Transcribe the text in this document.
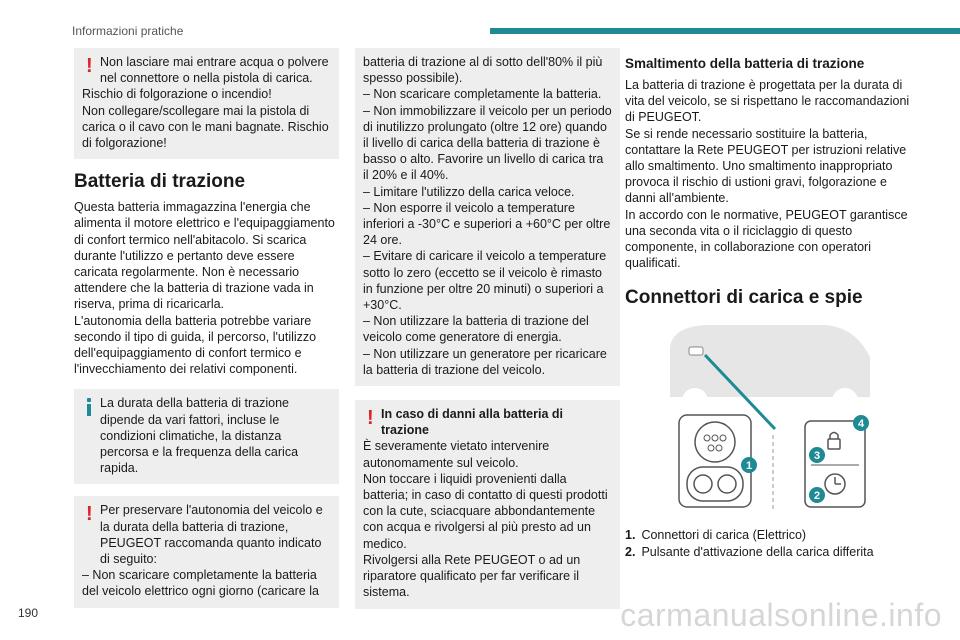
Informazioni pratiche
! Non lasciare mai entrare acqua o polvere nel connettore o nella pistola di carica.

Rischio di folgorazione o incendio!

Non collegare/scollegare mai la pistola di carica o il cavo con le mani bagnate. Rischio di folgorazione!

Batteria di trazione

Questa batteria immagazzina l'energia che alimenta il motore elettrico e l'equipaggiamento di confort termico nell'abitacolo. Si scarica durante l'utilizzo e pertanto deve essere caricata regolarmente. Non è necessario attendere che la batteria di trazione vada in riserva, prima di ricaricarla.

L'autonomia della batteria potrebbe variare secondo il tipo di guida, il percorso, l'utilizzo dell'equipaggiamento di confort termico e l'invecchiamento dei relativi componenti.

La durata della batteria di trazione dipende da vari fattori, incluse le condizioni climatiche, la distanza percorsa e la frequenza della carica rapida.

! Per preservare l'autonomia del veicolo e la durata della batteria di trazione, PEUGEOT raccomanda quanto indicato di seguito:

– Non scaricare completamente la batteria del veicolo elettrico ogni giorno (caricare la

batteria di trazione al di sotto dell'80% il più spesso possibile).

– Non scaricare completamente la batteria.

– Non immobilizzare il veicolo per un periodo di inutilizzo prolungato (oltre 12 ore) quando il livello di carica della batteria di trazione è basso o alto. Favorire un livello di carica tra il 20% e il 40%.

– Limitare l'utilizzo della carica veloce.

– Non esporre il veicolo a temperature inferiori a -30°C e superiori a +60°C per oltre 24 ore.

– Evitare di caricare il veicolo a temperature sotto lo zero (eccetto se il veicolo è rimasto in funzione per oltre 20 minuti) o superiori a +30°C.

– Non utilizzare la batteria di trazione del veicolo come generatore di energia.

– Non utilizzare un generatore per ricaricare la batteria di trazione del veicolo.

! In caso di danni alla batteria di trazione

È severamente vietato intervenire autonomamente sul veicolo.

Non toccare i liquidi provenienti dalla batteria; in caso di contatto di questi prodotti con la cute, sciacquare abbondantemente con acqua e rivolgersi al più presto ad un medico.

Rivolgersi alla Rete PEUGEOT o ad un riparatore qualificato per far verificare il sistema.

Smaltimento della batteria di trazione

La batteria di trazione è progettata per la durata di vita del veicolo, se si rispettano le raccomandazioni di PEUGEOT.

Se si rende necessario sostituire la batteria, contattare la Rete PEUGEOT per istruzioni relative allo smaltimento. Uno smaltimento inappropriato provoca il rischio di ustioni gravi, folgorazione e danni all'ambiente.

In accordo con le normative, PEUGEOT garantisce una seconda vita o il riciclaggio di questo componente, in collaborazione con operatori qualificati.

Connettori di carica e spie
1
4
3
2
1. Connettori di carica (Elettrico)
2. Pulsante d'attivazione della carica differita
190	carmanualsonline.info
